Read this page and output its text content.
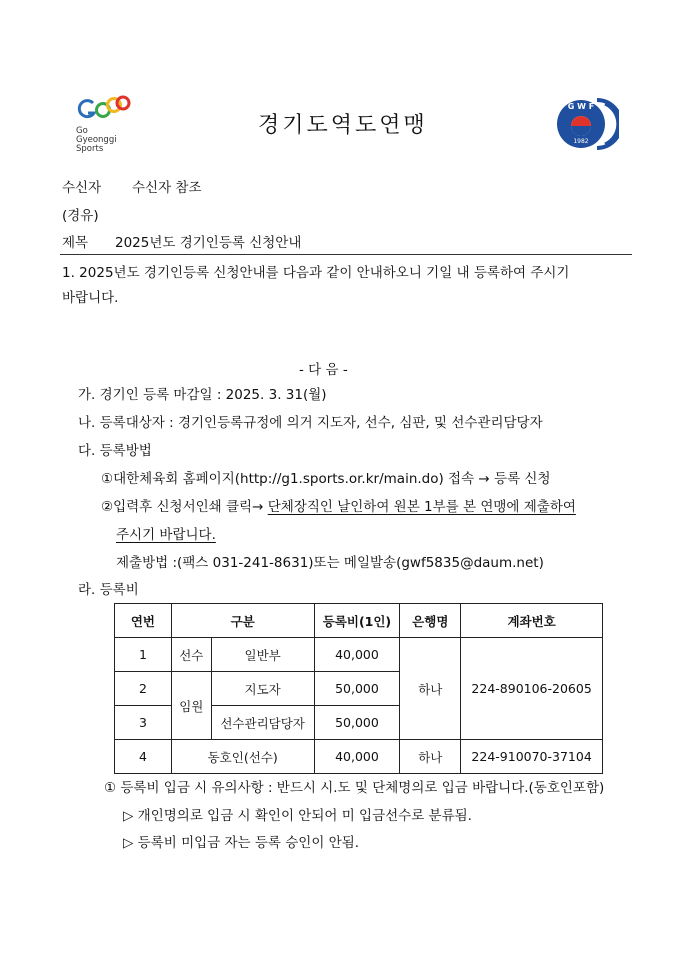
Go
Gyeonggi
Sports
경기도역도연맹
G W F
1982
수신자 수신자 참조
(경유)
제목 2025년도 경기인등록 신청안내
1. 2025년도 경기인등록 신청안내를 다음과 같이 안내하오니 기일 내 등록하여 주시기
바랍니다.
- 다 음 -
가. 경기인 등록 마감일 : 2025. 3. 31(월)
나. 등록대상자 : 경기인등록규정에 의거 지도자, 선수, 심판, 및 선수관리담당자
다. 등록방법
①대한체육회 홈페이지(http://g1.sports.or.kr/main.do) 접속 → 등록 신청
②입력후 신청서인쇄 클릭→ 단체장직인 날인하여 원본 1부를 본 연맹에 제출하여
주시기 바랍니다.
제출방법 :(팩스 031-241-8631)또는 메일발송(gwf5835@daum.net)
라. 등록비
연번	구분		등록비(1인)	은행명	계좌번호
1	선수	일반부	40,000	하나	224-890106-20605
2	임원	지도자	50,000		
3		선수관리담당자	50,000		
4	동호인(선수)		40,000	하나	224-910070-37104
① 등록비 입금 시 유의사항 : 반드시 시.도 및 단체명의로 입금 바랍니다.(동호인포함)
▷ 개인명의로 입금 시 확인이 안되어 미 입금선수로 분류됨.
▷ 등록비 미입금 자는 등록 승인이 안됨.
